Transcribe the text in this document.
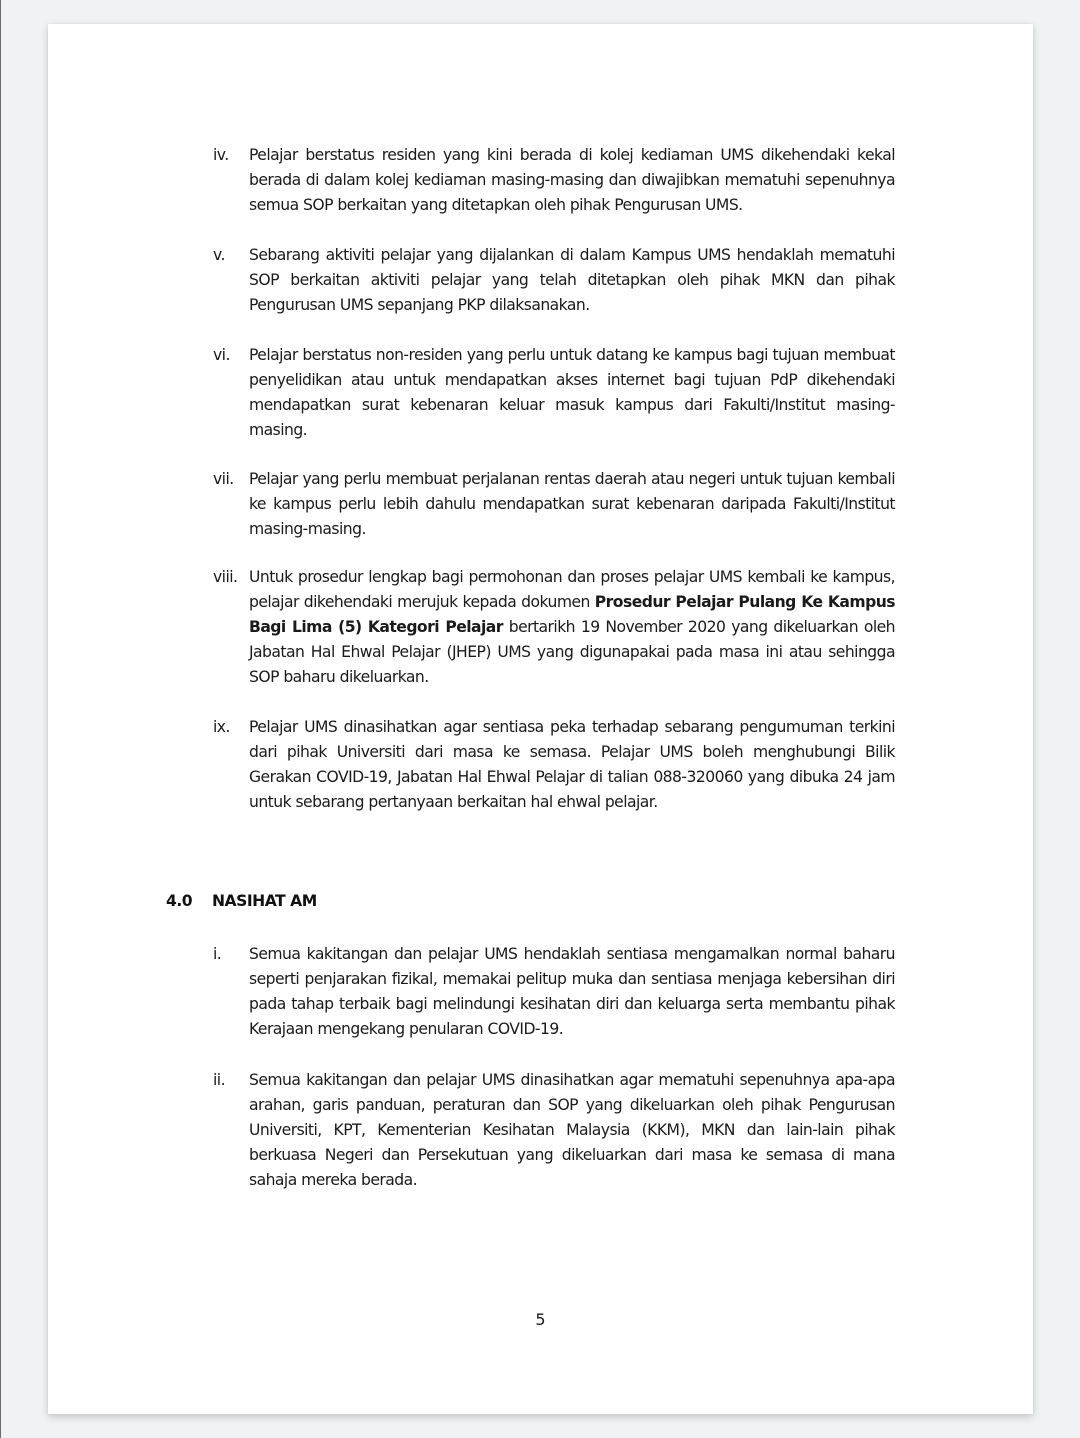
iv.	Pelajar berstatus residen yang kini berada di kolej kediaman UMS dikehendaki kekal berada di dalam kolej kediaman masing-masing dan diwajibkan mematuhi sepenuhnya semua SOP berkaitan yang ditetapkan oleh pihak Pengurusan UMS.
v.	Sebarang aktiviti pelajar yang dijalankan di dalam Kampus UMS hendaklah mematuhi SOP berkaitan aktiviti pelajar yang telah ditetapkan oleh pihak MKN dan pihak Pengurusan UMS sepanjang PKP dilaksanakan.
vi.	Pelajar berstatus non-residen yang perlu untuk datang ke kampus bagi tujuan membuat penyelidikan atau untuk mendapatkan akses internet bagi tujuan PdP dikehendaki mendapatkan surat kebenaran keluar masuk kampus dari Fakulti/Institut masing-masing.
vii. Pelajar yang perlu membuat perjalanan rentas daerah atau negeri untuk tujuan kembali ke kampus perlu lebih dahulu mendapatkan surat kebenaran daripada Fakulti/Institut masing-masing.
viii. Untuk prosedur lengkap bagi permohonan dan proses pelajar UMS kembali ke kampus, pelajar dikehendaki merujuk kepada dokumen Prosedur Pelajar Pulang Ke Kampus Bagi Lima (5) Kategori Pelajar bertarikh 19 November 2020 yang dikeluarkan oleh Jabatan Hal Ehwal Pelajar (JHEP) UMS yang digunapakai pada masa ini atau sehingga SOP baharu dikeluarkan.
ix.	Pelajar UMS dinasihatkan agar sentiasa peka terhadap sebarang pengumuman terkini dari pihak Universiti dari masa ke semasa. Pelajar UMS boleh menghubungi Bilik Gerakan COVID-19, Jabatan Hal Ehwal Pelajar di talian 088-320060 yang dibuka 24 jam untuk sebarang pertanyaan berkaitan hal ehwal pelajar.
4.0 NASIHAT AM
i.	Semua kakitangan dan pelajar UMS hendaklah sentiasa mengamalkan normal baharu seperti penjarakan fizikal, memakai pelitup muka dan sentiasa menjaga kebersihan diri pada tahap terbaik bagi melindungi kesihatan diri dan keluarga serta membantu pihak Kerajaan mengekang penularan COVID-19.
ii.	Semua kakitangan dan pelajar UMS dinasihatkan agar mematuhi sepenuhnya apa-apa arahan, garis panduan, peraturan dan SOP yang dikeluarkan oleh pihak Pengurusan Universiti, KPT, Kementerian Kesihatan Malaysia (KKM), MKN dan lain-lain pihak berkuasa Negeri dan Persekutuan yang dikeluarkan dari masa ke semasa di mana sahaja mereka berada.
5
